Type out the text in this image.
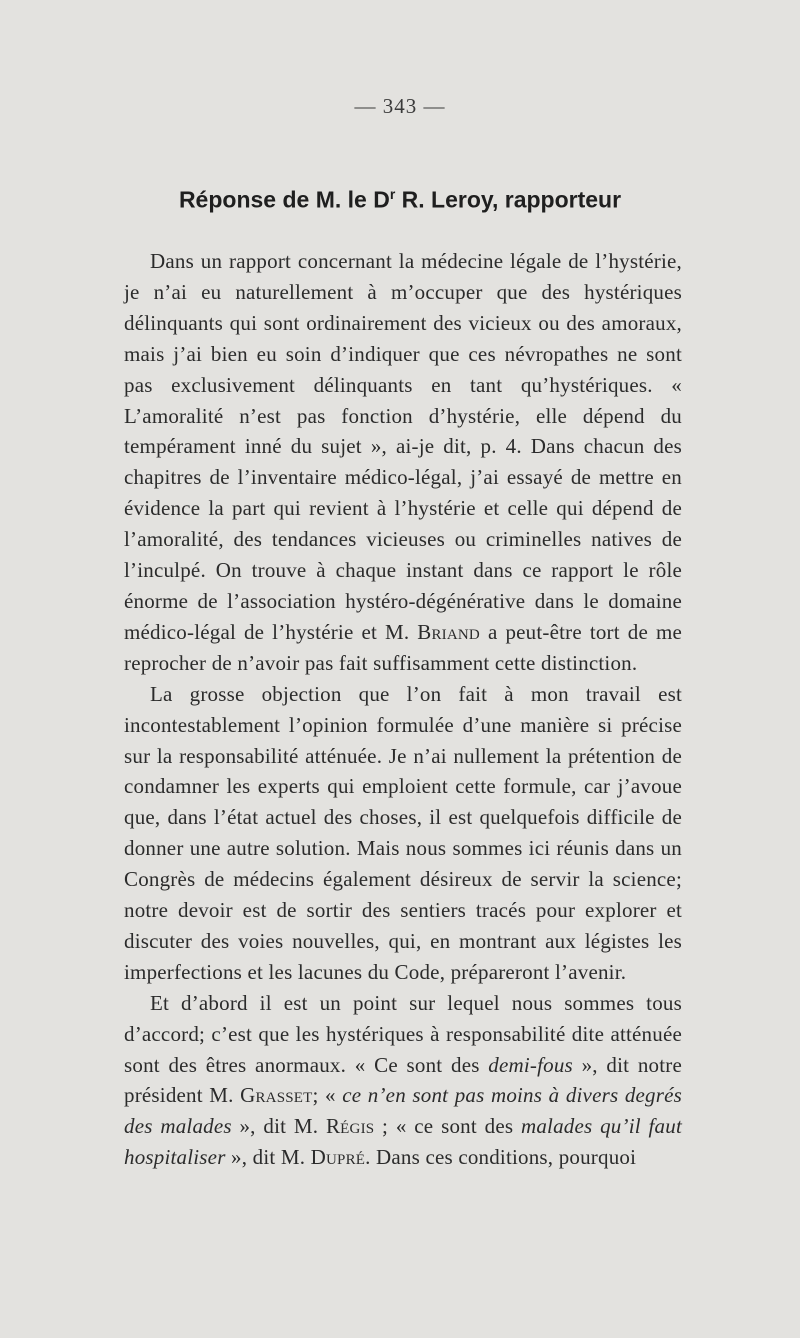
— 343 —
Réponse de M. le $D^r$ R. Leroy, rapporteur

Dans un rapport concernant la médecine légale de l’hystérie, je n’ai eu naturellement à m’occuper que des hystériques délinquants qui sont ordinairement des vicieux ou des amoraux, mais j’ai bien eu soin d’indiquer que ces névropathes ne sont pas exclusivement délinquants en tant qu’hystériques. « L’amoralité n’est pas fonction d’hystérie, elle dépend du tempérament inné du sujet », ai-je dit, p. 4. Dans chacun des chapitres de l’inventaire médico-légal, j’ai essayé de mettre en évidence la part qui revient à l’hystérie et celle qui dépend de l’amoralité, des tendances vicieuses ou criminelles natives de l’inculpé. On trouve à chaque instant dans ce rapport le rôle énorme de l’association hystéro-dégénérative dans le domaine médico-légal de l’hystérie et M. Briand a peut-être tort de me reprocher de n’avoir pas fait suffisamment cette distinction.

La grosse objection que l’on fait à mon travail est incontestablement l’opinion formulée d’une manière si précise sur la responsabilité atténuée. Je n’ai nullement la prétention de condamner les experts qui emploient cette formule, car j’avoue que, dans l’état actuel des choses, il est quelquefois difficile de donner une autre solution. Mais nous sommes ici réunis dans un Congrès de médecins également désireux de servir la science; notre devoir est de sortir des sentiers tracés pour explorer et discuter des voies nouvelles, qui, en montrant aux légistes les imperfections et les lacunes du Code, prépareront l’avenir.

Et d’abord il est un point sur lequel nous sommes tous d’accord; c’est que les hystériques à responsabilité dite atténuée sont des êtres anormaux. « Ce sont des demi-fous », dit notre président M. Grasset; « ce n’en sont pas moins à divers degrés des malades », dit M. Régis ; « ce sont des malades qu’il faut hospitaliser », dit M. Dupré. Dans ces conditions, pourquoi
